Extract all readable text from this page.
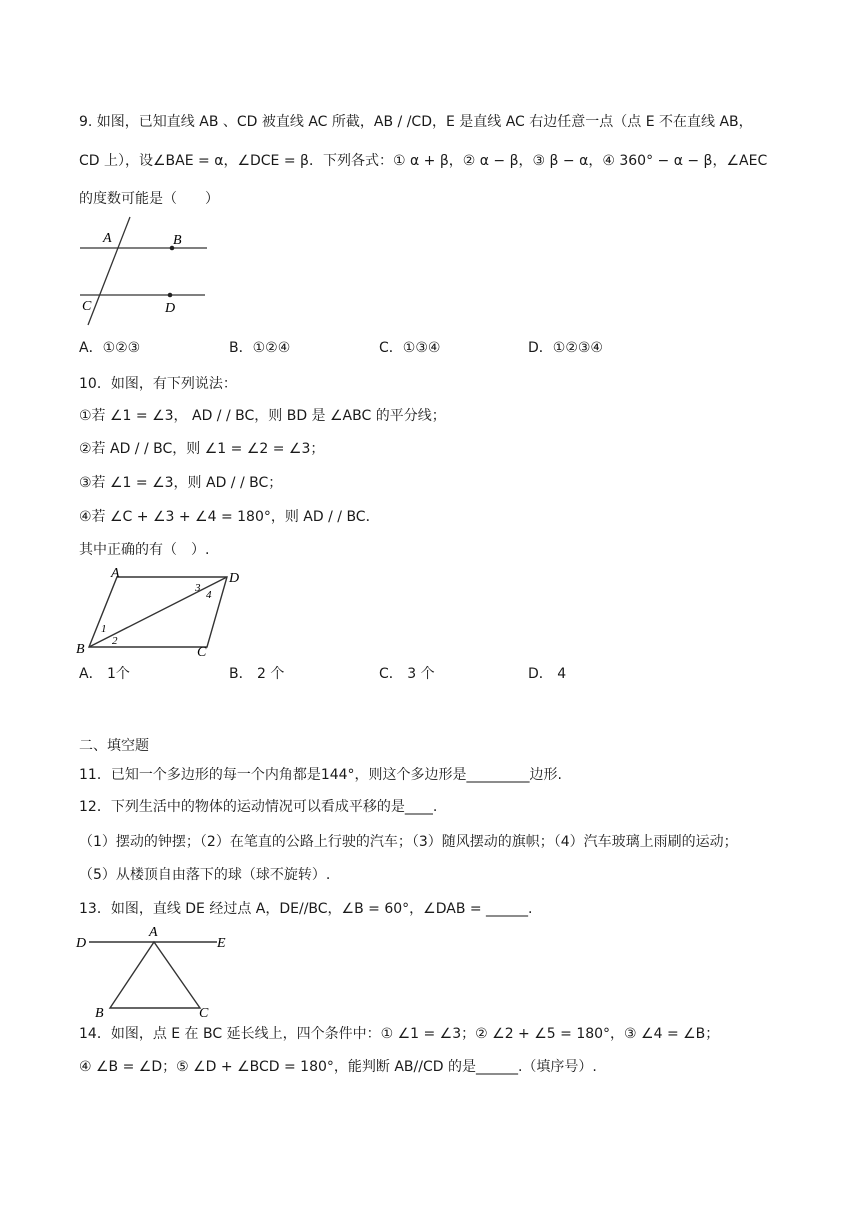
9. 如图，已知直线 AB 、CD 被直线 AC 所截，AB / /CD，E 是直线 AC 右边任意一点（点 E 不在直线 AB，
CD 上），设∠BAE = α，∠DCE = β．下列各式：① α + β，② α − β，③ β − α，④ 360° − α − β，∠AEC
的度数可能是（　　）
A	B
C	D
A．①②③	B．①②④	C．①③④	D．①②③④
10．如图，有下列说法：
①若 ∠1 = ∠3， AD / / BC，则 BD 是 ∠ABC 的平分线；
②若 AD / / BC，则 ∠1 = ∠2 = ∠3；
③若 ∠1 = ∠3，则 AD / / BC；
④若 ∠C + ∠3 + ∠4 = 180°，则 AD / / BC．
其中正确的有（　）.
A	D
B	C
1
2
3
4
A． 1个	B． 2 个	C． 3 个	D． 4
二、填空题
11．已知一个多边形的每一个内角都是144°，则这个多边形是_________边形.
12．下列生活中的物体的运动情况可以看成平移的是____.
（1）摆动的钟摆；（2）在笔直的公路上行驶的汽车；（3）随风摆动的旗帜；（4）汽车玻璃上雨刷的运动；
（5）从楼顶自由落下的球（球不旋转）.
13．如图，直线 DE 经过点 A，DE//BC，∠B = 60°，∠DAB = ______.
D
A
E
B	C
14．如图，点 E 在 BC 延长线上，四个条件中：① ∠1 = ∠3；② ∠2 + ∠5 = 180°，③ ∠4 = ∠B；
④ ∠B = ∠D；⑤ ∠D + ∠BCD = 180°，能判断 AB//CD 的是______.（填序号）.
